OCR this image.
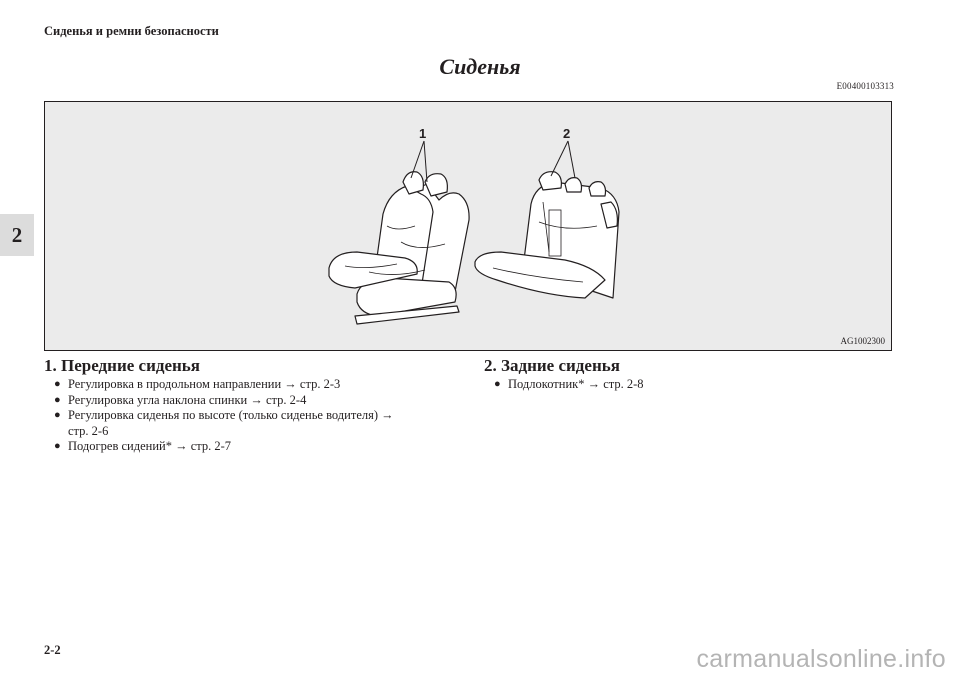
Сиденья и ремни безопасности
2
Сиденья
E00400103313
1	2
AG1002300
1. Передние сиденья
● Регулировка в продольном направлении → стр. 2-3
● Регулировка угла наклона спинки → стр. 2-4
● Регулировка сиденья по высоте (только сиденье водителя) →
стр. 2-6
● Подогрев сидений* → стр. 2-7
2. Задние сиденья
● Подлокотник* → стр. 2-8
2-2	carmanualsonline.info
